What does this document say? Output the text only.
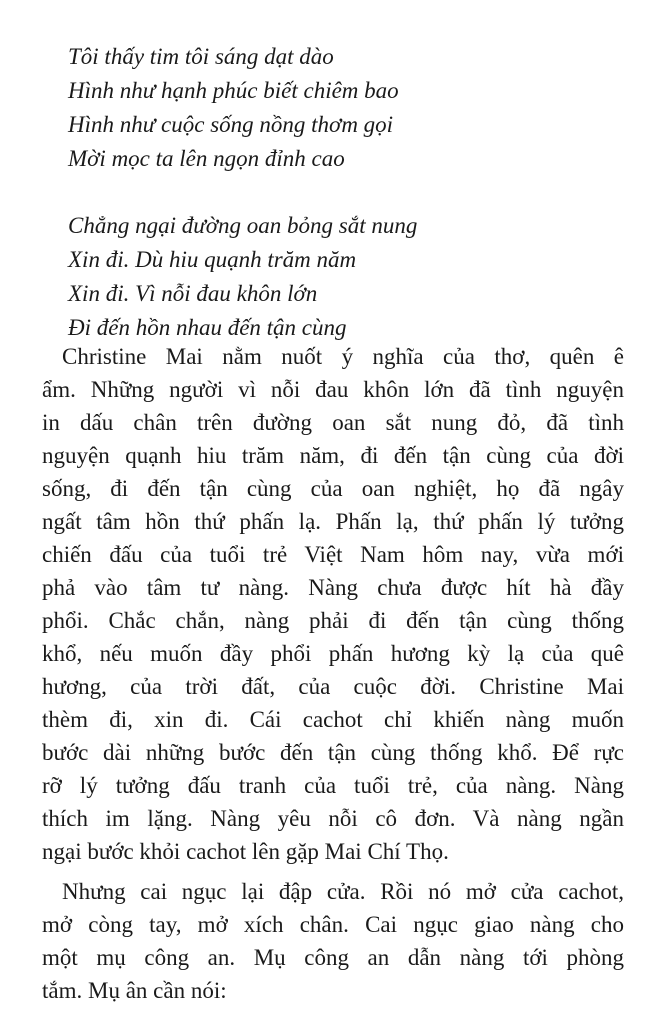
Tôi thấy tim tôi sáng dạt dào
Hình như hạnh phúc biết chiêm bao
Hình như cuộc sống nồng thơm gọi
Mời mọc ta lên ngọn đỉnh cao
Chẳng ngại đường oan bỏng sắt nung
Xin đi. Dù hiu quạnh trăm năm
Xin đi. Vì nỗi đau khôn lớn
Đi đến hồn nhau đến tận cùng
Christine Mai nằm nuốt ý nghĩa của thơ, quên ê
ẩm. Những người vì nỗi đau khôn lớn đã tình nguyện
in dấu chân trên đường oan sắt nung đỏ, đã tình
nguyện quạnh hiu trăm năm, đi đến tận cùng của đời
sống, đi đến tận cùng của oan nghiệt, họ đã ngây
ngất tâm hồn thứ phấn lạ. Phấn lạ, thứ phấn lý tưởng
chiến đấu của tuổi trẻ Việt Nam hôm nay, vừa mới
phả vào tâm tư nàng. Nàng chưa được hít hà đầy
phổi. Chắc chắn, nàng phải đi đến tận cùng thống
khổ, nếu muốn đầy phổi phấn hương kỳ lạ của quê
hương, của trời đất, của cuộc đời. Christine Mai
thèm đi, xin đi. Cái cachot chỉ khiến nàng muốn
bước dài những bước đến tận cùng thống khổ. Để rực
rỡ lý tưởng đấu tranh của tuổi trẻ, của nàng. Nàng
thích im lặng. Nàng yêu nỗi cô đơn. Và nàng ngần
ngại bước khỏi cachot lên gặp Mai Chí Thọ.
Nhưng cai ngục lại đập cửa. Rồi nó mở cửa cachot,
mở còng tay, mở xích chân. Cai ngục giao nàng cho
một mụ công an. Mụ công an dẫn nàng tới phòng
tắm. Mụ ân cần nói:
